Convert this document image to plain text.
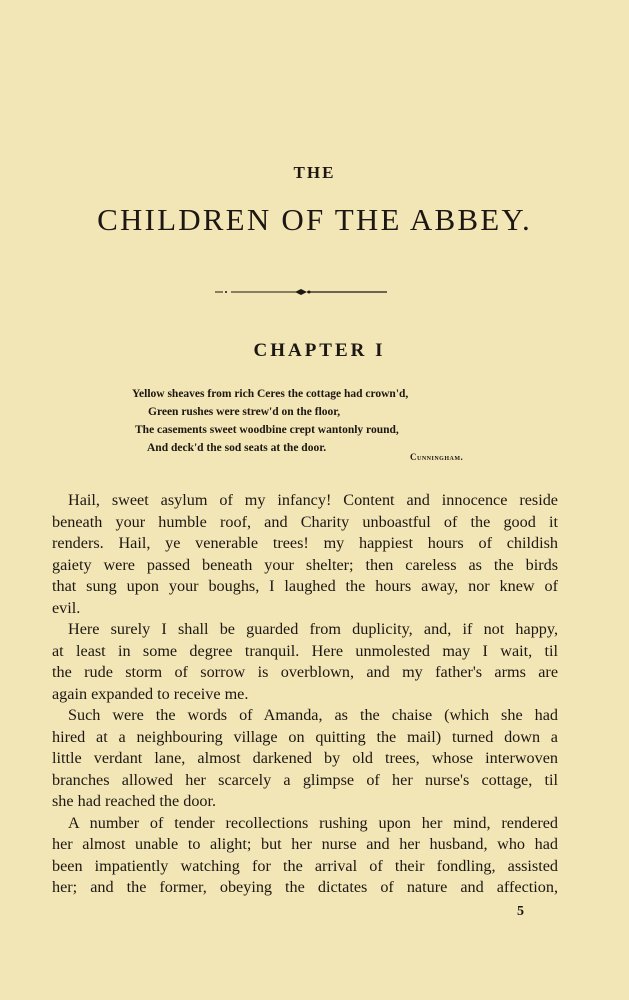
THE
CHILDREN OF THE ABBEY.
CHAPTER I
Yellow sheaves from rich Ceres the cottage had crown'd,
Green rushes were strew'd on the floor,
The casements sweet woodbine crept wantonly round,
And deck'd the sod seats at the door.
Cunningham.
Hail, sweet asylum of my infancy! Content and innocence reside
beneath your humble roof, and Charity unboastful of the good it
renders. Hail, ye venerable trees! my happiest hours of childish
gaiety were passed beneath your shelter; then careless as the birds
that sung upon your boughs, I laughed the hours away, nor knew of
evil.
Here surely I shall be guarded from duplicity, and, if not happy,
at least in some degree tranquil. Here unmolested may I wait, til
the rude storm of sorrow is overblown, and my father's arms are
again expanded to receive me.
Such were the words of Amanda, as the chaise (which she had
hired at a neighbouring village on quitting the mail) turned down a
little verdant lane, almost darkened by old trees, whose interwoven
branches allowed her scarcely a glimpse of her nurse's cottage, til
she had reached the door.
A number of tender recollections rushing upon her mind, rendered
her almost unable to alight; but her nurse and her husband, who had
been impatiently watching for the arrival of their fondling, assisted
her; and the former, obeying the dictates of nature and affection,
5
